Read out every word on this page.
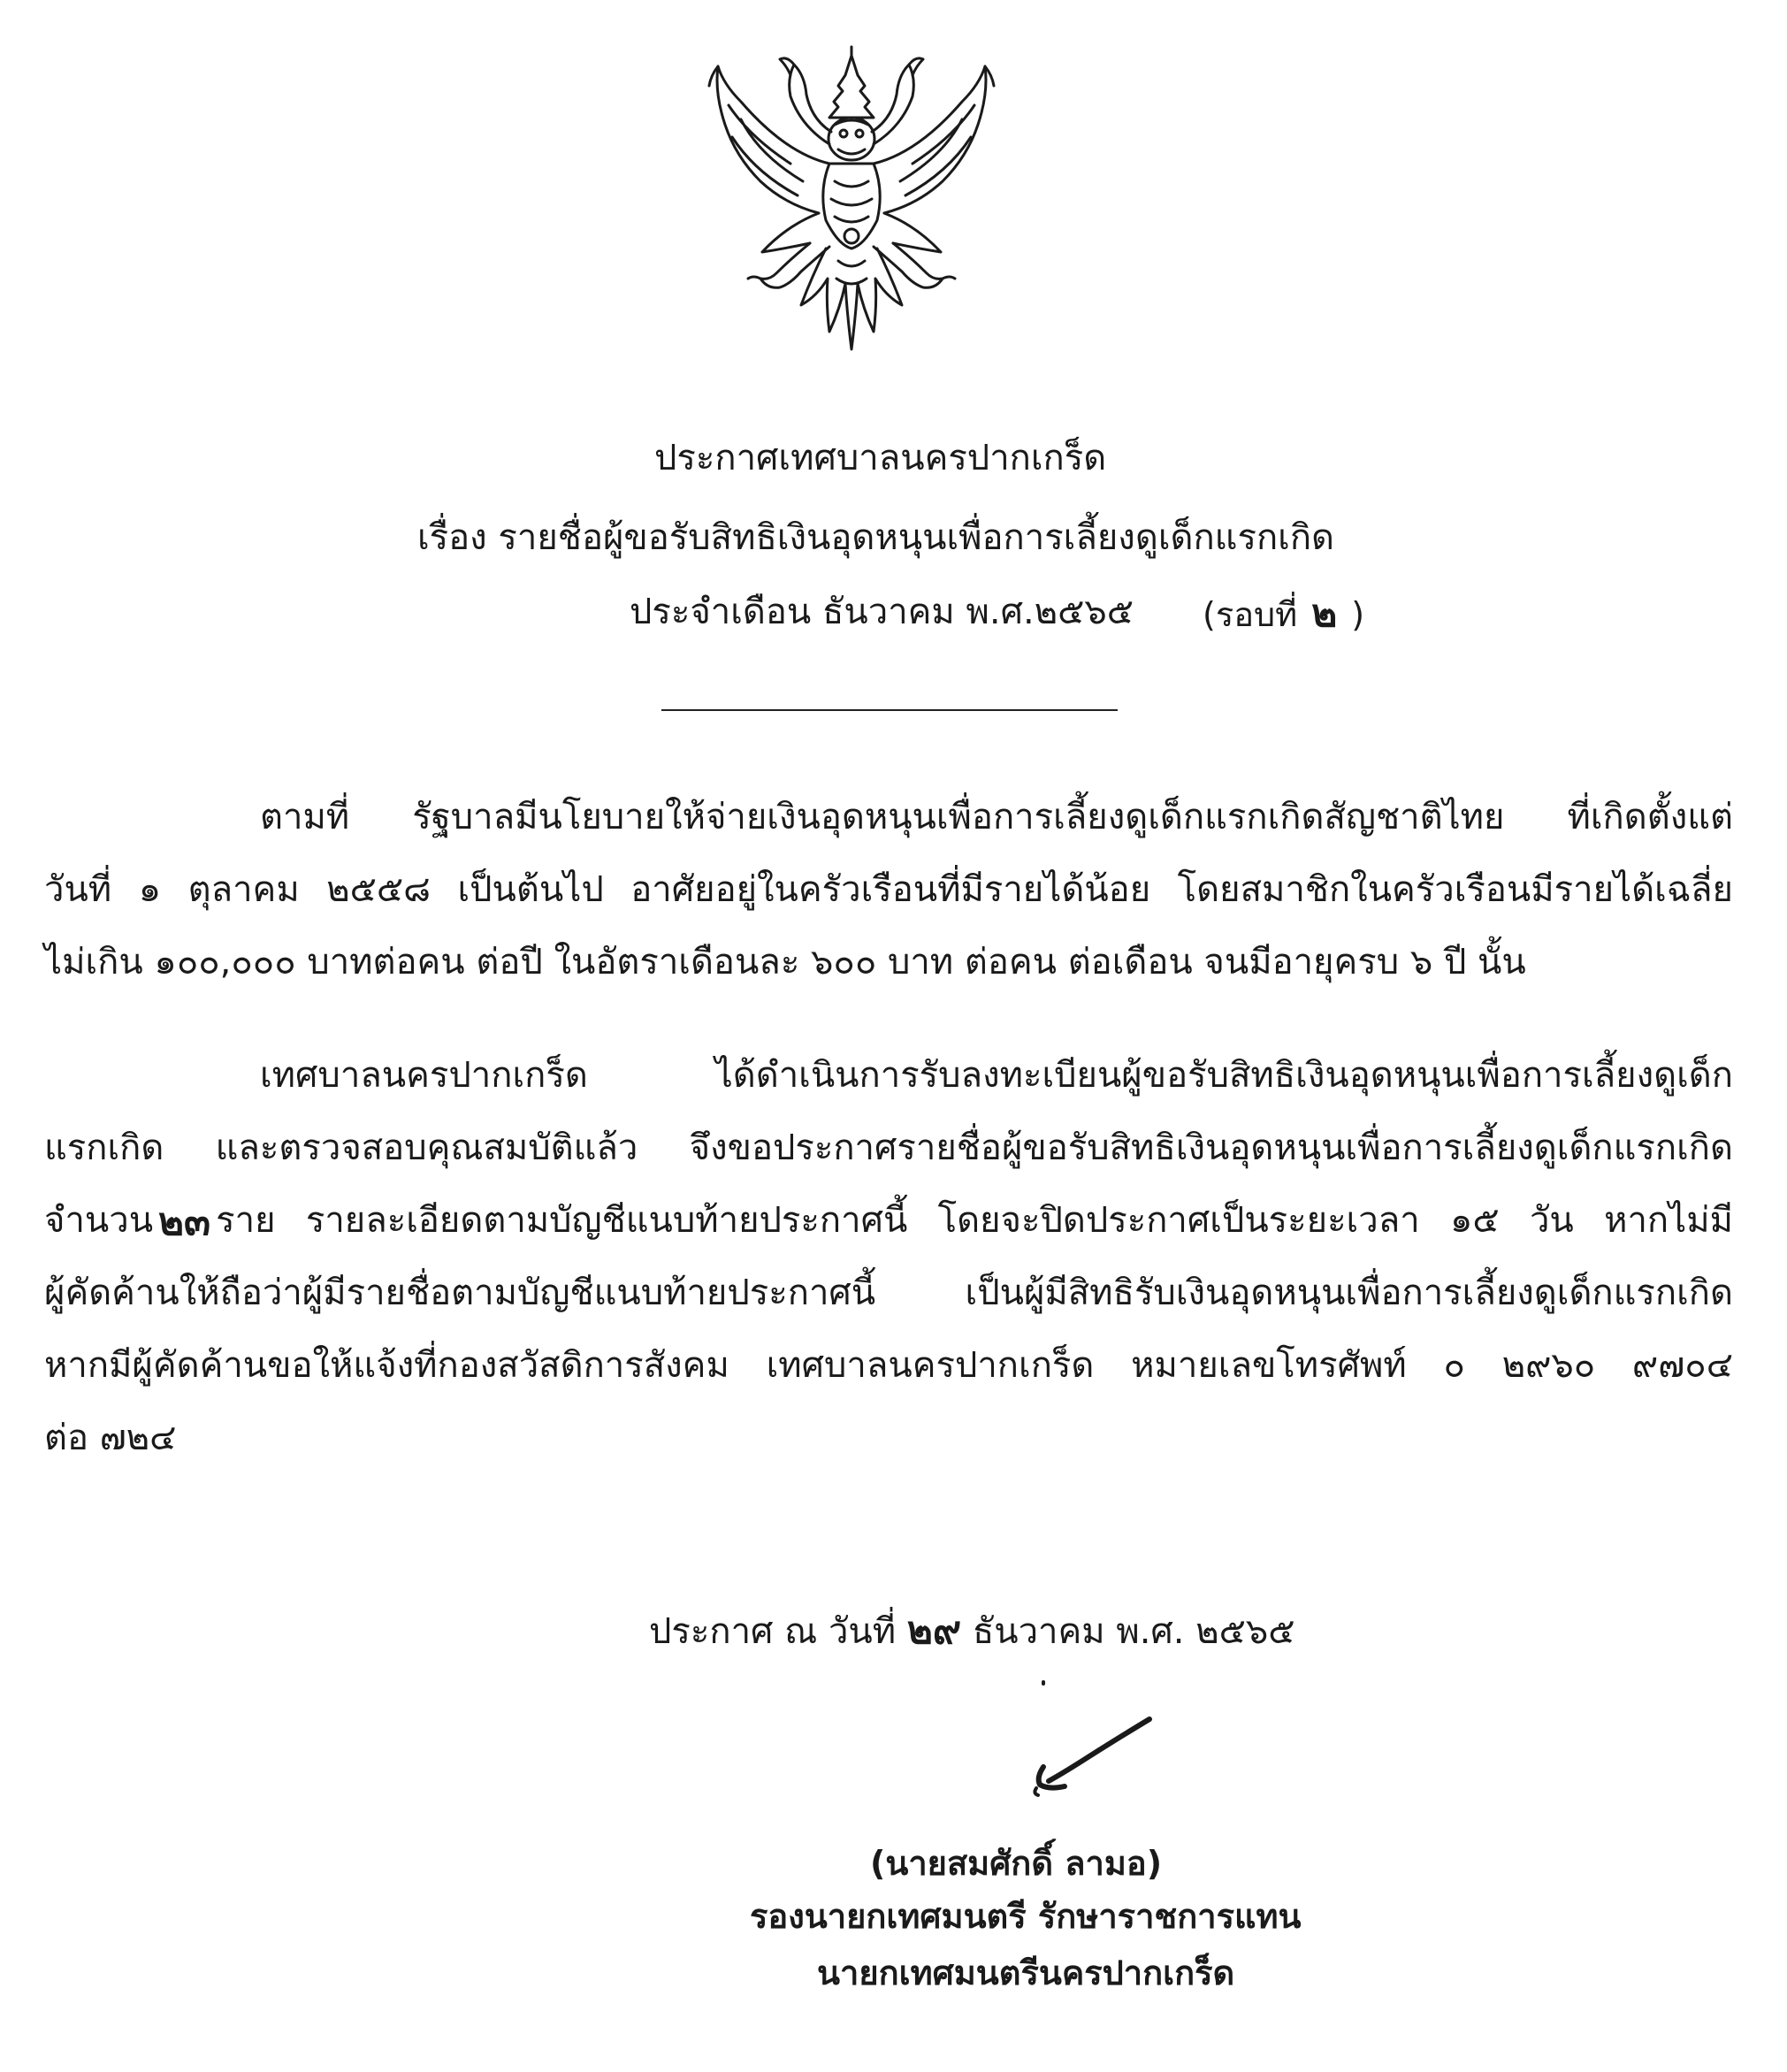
ประกาศเทศบาลนครปากเกร็ด
เรื่อง รายชื่อผู้ขอรับสิทธิเงินอุดหนุนเพื่อการเลี้ยงดูเด็กแรกเกิด
ประจำเดือน ธันวาคม พ.ศ.๒๕๖๕ (รอบที่ ๒ )
ตามที่ รัฐบาลมีนโยบายให้จ่ายเงินอุดหนุนเพื่อการเลี้ยงดูเด็กแรกเกิดสัญชาติไทย ที่เกิดตั้งแต่
วันที่ ๑ ตุลาคม ๒๕๕๘ เป็นต้นไป อาศัยอยู่ในครัวเรือนที่มีรายได้น้อย โดยสมาชิกในครัวเรือนมีรายได้เฉลี่ย
ไม่เกิน ๑๐๐,๐๐๐ บาทต่อคน ต่อปี ในอัตราเดือนละ ๖๐๐ บาท ต่อคน ต่อเดือน จนมีอายุครบ ๖ ปี นั้น
เทศบาลนครปากเกร็ด ได้ดำเนินการรับลงทะเบียนผู้ขอรับสิทธิเงินอุดหนุนเพื่อการเลี้ยงดูเด็ก
แรกเกิด และตรวจสอบคุณสมบัติแล้ว จึงขอประกาศรายชื่อผู้ขอรับสิทธิเงินอุดหนุนเพื่อการเลี้ยงดูเด็กแรกเกิด
จำนวน ๒๓ ราย รายละเอียดตามบัญชีแนบท้ายประกาศนี้ โดยจะปิดประกาศเป็นระยะเวลา ๑๕ วัน หากไม่มี
ผู้คัดค้านให้ถือว่าผู้มีรายชื่อตามบัญชีแนบท้ายประกาศนี้ เป็นผู้มีสิทธิรับเงินอุดหนุนเพื่อการเลี้ยงดูเด็กแรกเกิด
หากมีผู้คัดค้านขอให้แจ้งที่กองสวัสดิการสังคม เทศบาลนครปากเกร็ด หมายเลขโทรศัพท์ ๐ ๒๙๖๐ ๙๗๐๔
ต่อ ๗๒๔
ประกาศ ณ วันที่ ๒๙ ธันวาคม พ.ศ. ๒๕๖๕
(นายสมศักดิ์ ลามอ)
รองนายกเทศมนตรี รักษาราชการแทน
นายกเทศมนตรีนครปากเกร็ด
